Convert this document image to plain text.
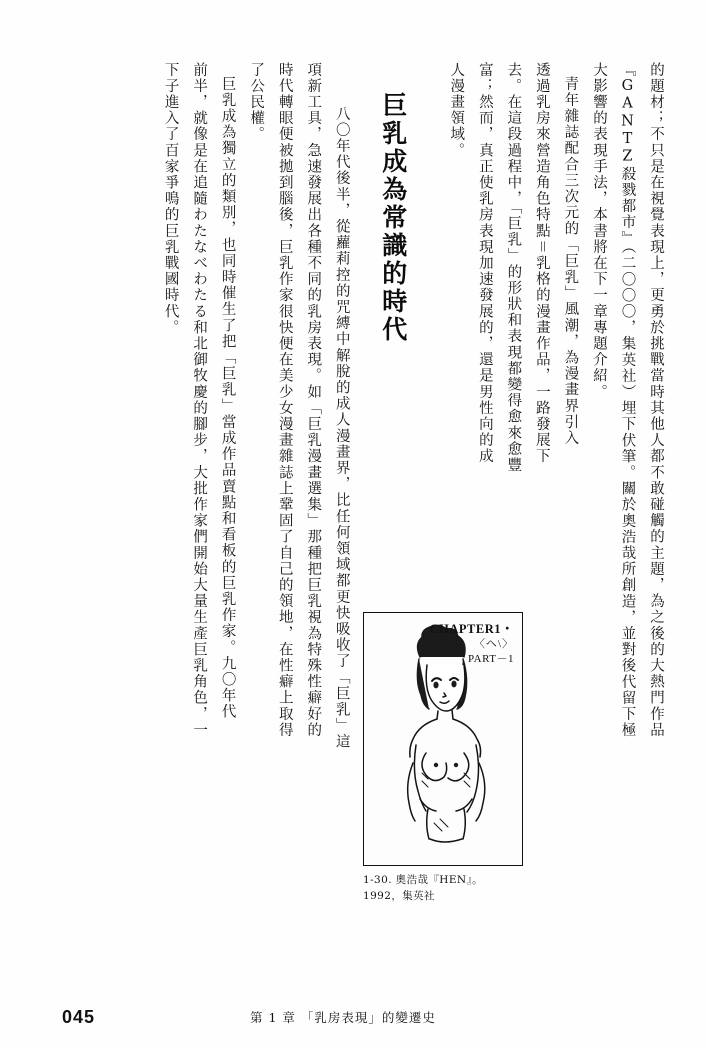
的題材；不只是在視覺表現上，更勇於挑戰當時其他人都不敢碰觸的主題，為之後的大熱門作品
『GANTZ殺戮都市』（二〇〇〇，集英社）埋下伏筆。關於奧浩哉所創造，並對後代留下極
大影響的表現手法，本書將在下一章專題介紹。
青年雜誌配合三次元的「巨乳」風潮，為漫畫界引入
透過乳房來營造角色特點＝乳格的漫畫作品，一路發展下
去。在這段過程中，「巨乳」的形狀和表現都變得愈來愈豐
富；然而，真正使乳房表現加速發展的，還是男性向的成
人漫畫領域。
巨乳成為常識的時代
八〇年代後半，從蘿莉控的咒縛中解脫的成人漫畫界，比任何領域都更快吸收了「巨乳」這
項新工具，急速發展出各種不同的乳房表現。如「巨乳漫畫選集」那種把巨乳視為特殊性癖好的
時代轉眼便被拋到腦後，巨乳作家很快便在美少女漫畫雜誌上鞏固了自己的領地，在性癖上取得
了公民權。
巨乳成為獨立的類別，也同時催生了把「巨乳」當成作品賣點和看板的巨乳作家。九〇年代
前半，就像是在追隨わたなべわたる和北御牧慶的腳步，大批作家們開始大量生產巨乳角色，一
下子進入了百家爭鳴的巨乳戰國時代。
CHAPTER1・
〈ヘ\〉
PART－1
1-30. 奧浩哉『HEN』。
1992，集英社
045	第 1 章 「乳房表現」的變遷史
